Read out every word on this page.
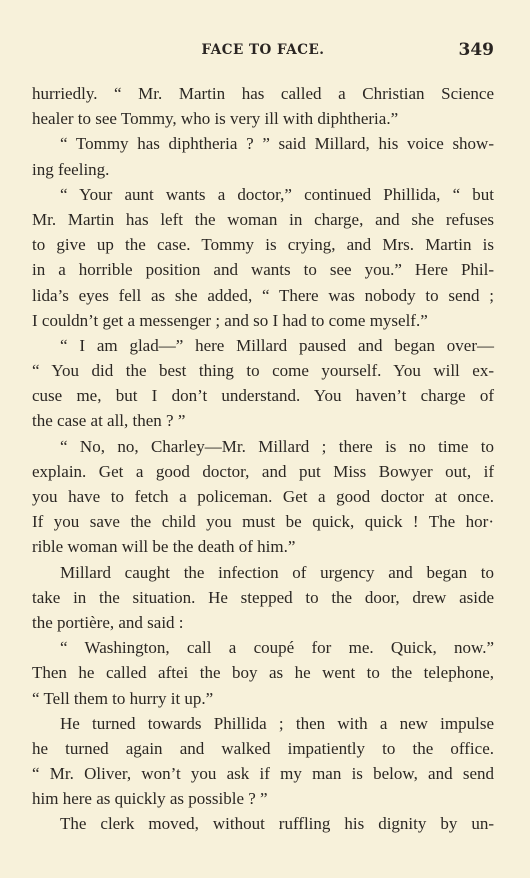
FACE TO FACE.	349
hurriedly. “ Mr. Martin has called a Christian Science
healer to see Tommy, who is very ill with diphtheria.”
“ Tommy has diphtheria ? ” said Millard, his voice show-
ing feeling.
“ Your aunt wants a doctor,” continued Phillida, “ but
Mr. Martin has left the woman in charge, and she refuses
to give up the case. Tommy is crying, and Mrs. Martin is
in a horrible position and wants to see you.” Here Phil-
lida’s eyes fell as she added, “ There was nobody to send ;
I couldn’t get a messenger ; and so I had to come myself.”
“ I am glad—” here Millard paused and began over—
“ You did the best thing to come yourself. You will ex-
cuse me, but I don’t understand. You haven’t charge of
the case at all, then ? ”
“ No, no, Charley—Mr. Millard ; there is no time to
explain. Get a good doctor, and put Miss Bowyer out, if
you have to fetch a policeman. Get a good doctor at once.
If you save the child you must be quick, quick ! The hor·
rible woman will be the death of him.”
Millard caught the infection of urgency and began to
take in the situation. He stepped to the door, drew aside
the portière, and said :
“ Washington, call a coupé for me. Quick, now.”
Then he called aftei the boy as he went to the telephone,
“ Tell them to hurry it up.”
He turned towards Phillida ; then with a new impulse
he turned again and walked impatiently to the office.
“ Mr. Oliver, won’t you ask if my man is below, and send
him here as quickly as possible ? ”
The clerk moved, without ruffling his dignity by un-
